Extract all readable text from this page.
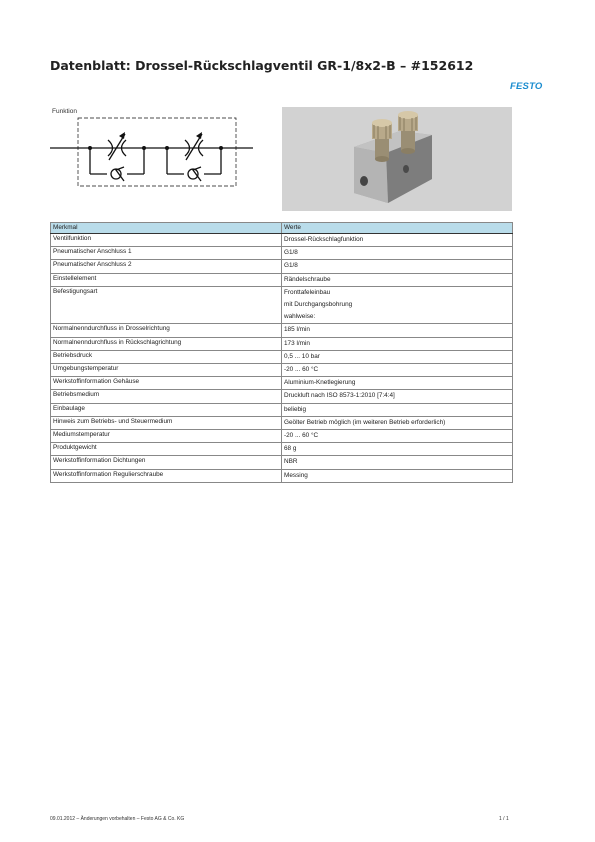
Datenblatt: Drossel-Rückschlagventil GR-1/8x2-B – #152612
FESTO
Funktion
Merkmal	Werte
Ventilfunktion	Drossel-Rückschlagfunktion

Pneumatischer Anschluss 1	G1/8

Pneumatischer Anschluss 2	G1/8

Einstellelement	Rändelschraube

Befestigungsart	Fronttafeleinbau
mit Durchgangsbohrung
wahlweise:

Normalnenndurchfluss in Drosselrichtung	185 l/min

Normalnenndurchfluss in Rückschlagrichtung	173 l/min

Betriebsdruck	0,5 ... 10 bar

Umgebungstemperatur	-20 ... 60 °C

Werkstoffinformation Gehäuse	Aluminium-Knetlegierung

Betriebsmedium	Druckluft nach ISO 8573-1:2010 [7:4:4]

Einbaulage	beliebig

Hinweis zum Betriebs- und Steuermedium	Geölter Betrieb möglich (im weiteren Betrieb erforderlich)

Mediumstemperatur	-20 ... 60 °C

Produktgewicht	68 g

Werkstoffinformation Dichtungen	NBR

Werkstoffinformation Regulierschraube	Messing
09.01.2012 – Änderungen vorbehalten – Festo AG & Co. KG	1 / 1
